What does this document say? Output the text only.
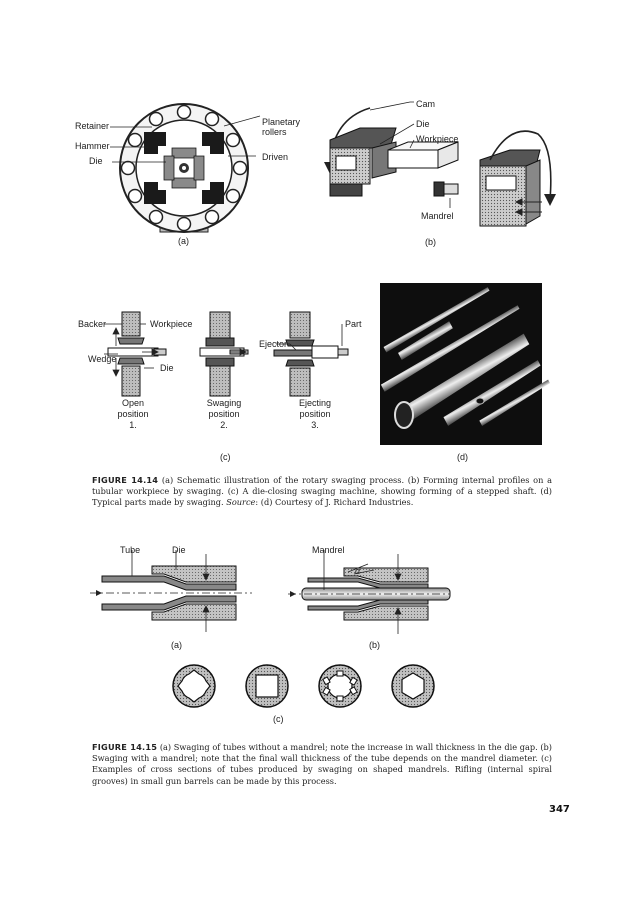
Retainer
Hammer
Die
Planetary
rollers
Driven
(a)
Cam
Die
Workpiece
Mandrel
(b)
Backer	Workpiece
Wedge
Die
Ejector
Part
Open
position
1.
Swaging
position
2.
Ejecting
position
3.
(c)	(d)
FIGURE 14.14 (a) Schematic illustration of the rotary swaging process. (b) Forming internal profiles on a tubular workpiece by swaging. (c) A die-closing swaging machine, showing forming of a stepped shaft. (d) Typical parts made by swaging. Source: (d) Courtesy of J. Richard Industries.
Tube	Die
(a)
Mandrel
α
(b)
(c)
FIGURE 14.15 (a) Swaging of tubes without a mandrel; note the increase in wall thickness in the die gap. (b) Swaging with a mandrel; note that the final wall thickness of the tube depends on the mandrel diameter. (c) Examples of cross sections of tubes produced by swaging on shaped mandrels. Rifling (internal spiral grooves) in small gun barrels can be made by this process.
347
